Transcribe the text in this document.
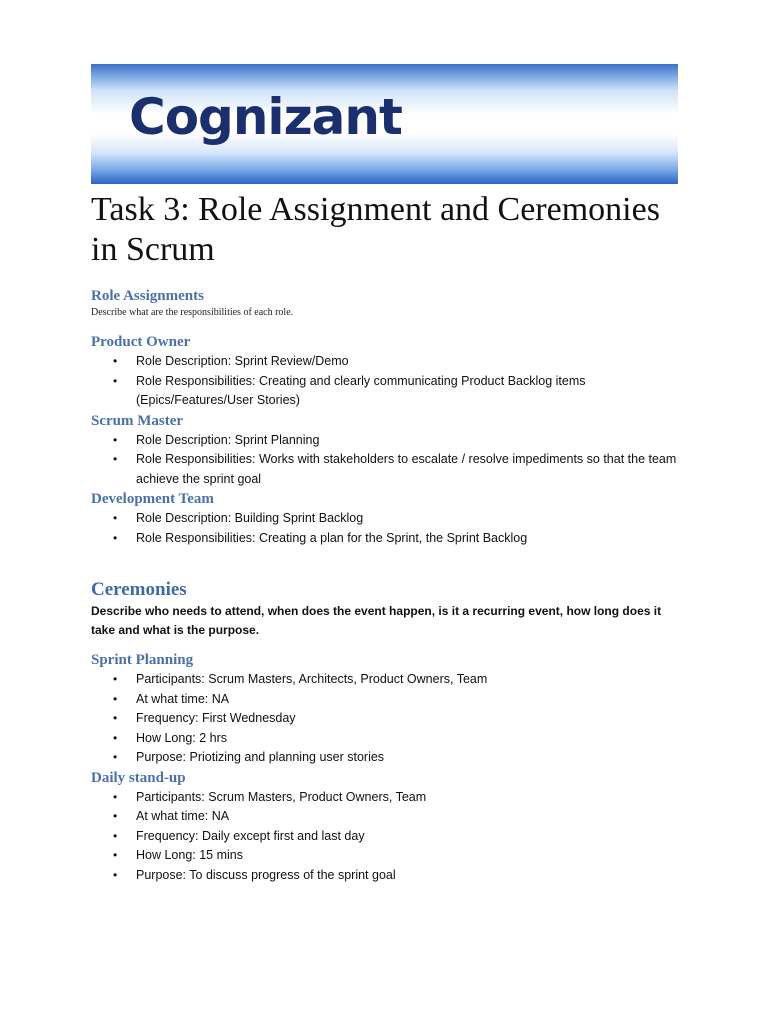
Cognizant
Task 3: Role Assignment and Ceremonies in Scrum
Role Assignments

Describe what are the responsibilities of each role.

Product Owner
• Role Description: Sprint Review/Demo
• Role Responsibilities: Creating and clearly communicating Product Backlog items (Epics/Features/User Stories)
Scrum Master
• Role Description: Sprint Planning
• Role Responsibilities: Works with stakeholders to escalate / resolve impediments so that the team achieve the sprint goal
Development Team
• Role Description: Building Sprint Backlog
• Role Responsibilities: Creating a plan for the Sprint, the Sprint Backlog
Ceremonies

Describe who needs to attend, when does the event happen, is it a recurring event, how long does it take and what is the purpose.

Sprint Planning
• Participants: Scrum Masters, Architects, Product Owners, Team
• At what time: NA
• Frequency: First Wednesday
• How Long: 2 hrs
• Purpose: Priotizing and planning user stories
Daily stand-up
• Participants: Scrum Masters, Product Owners, Team
• At what time: NA
• Frequency: Daily except first and last day
• How Long: 15 mins
• Purpose: To discuss progress of the sprint goal
